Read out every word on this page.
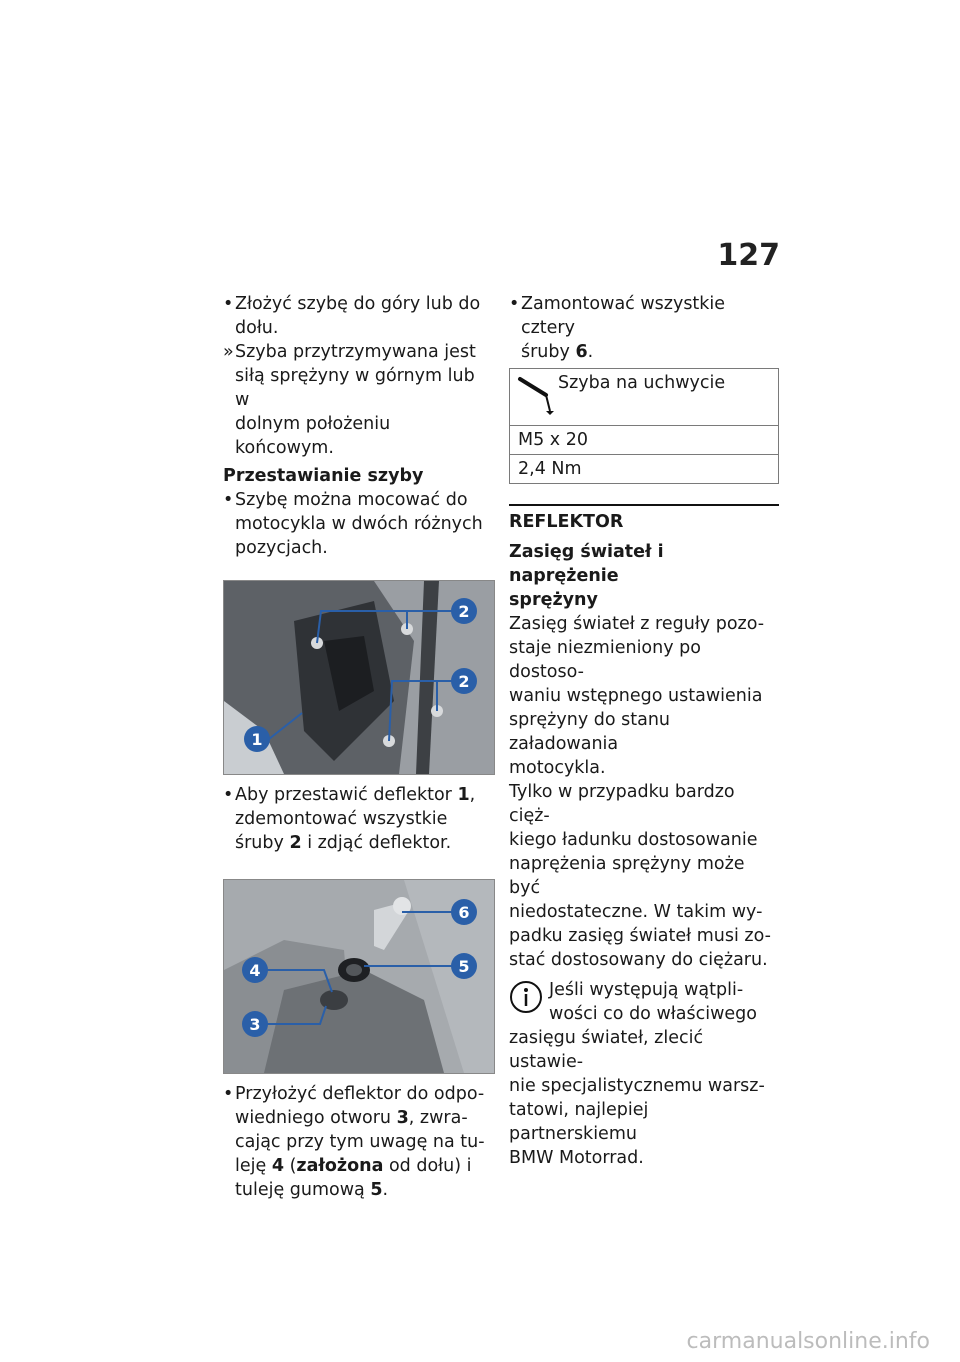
127
• Złożyć szybę do góry lub do
dołu.
» Szyba przytrzymywana jest
siłą sprężyny w górnym lub w
dolnym położeniu końcowym.
Przestawianie szyby
• Szybę można mocować do
motocykla w dwóch różnych
pozycjach.
1
2
2
• Aby przestawić deflektor 1,
zdemontować wszystkie
śruby 2 i zdjąć deflektor.
6
4	5
3
• Przyłożyć deflektor do odpo-
wiedniego otworu 3, zwra-
cając przy tym uwagę na tu-
leję 4 (założona od dołu) i
tuleję gumową 5.
• Zamontować wszystkie cztery
śruby 6.
Szyba na uchwycie

M5 x 20
2,4 Nm
REFLEKTOR
Zasięg świateł i naprężenie
sprężyny
Zasięg świateł z reguły pozo-
staje niezmieniony po dostoso-
waniu wstępnego ustawienia
sprężyny do stanu załadowania
motocykla.
Tylko w przypadku bardzo cięż-
kiego ładunku dostosowanie
naprężenia sprężyny może być
niedostateczne. W takim wy-
padku zasięg świateł musi zo-
stać dostosowany do ciężaru.
Jeśli występują wątpli-
wości co do właściwego
zasięgu świateł, zlecić ustawie-
nie specjalistycznemu warsz-
tatowi, najlepiej partnerskiemu
BMW Motorrad.
carmanualsonline.info
